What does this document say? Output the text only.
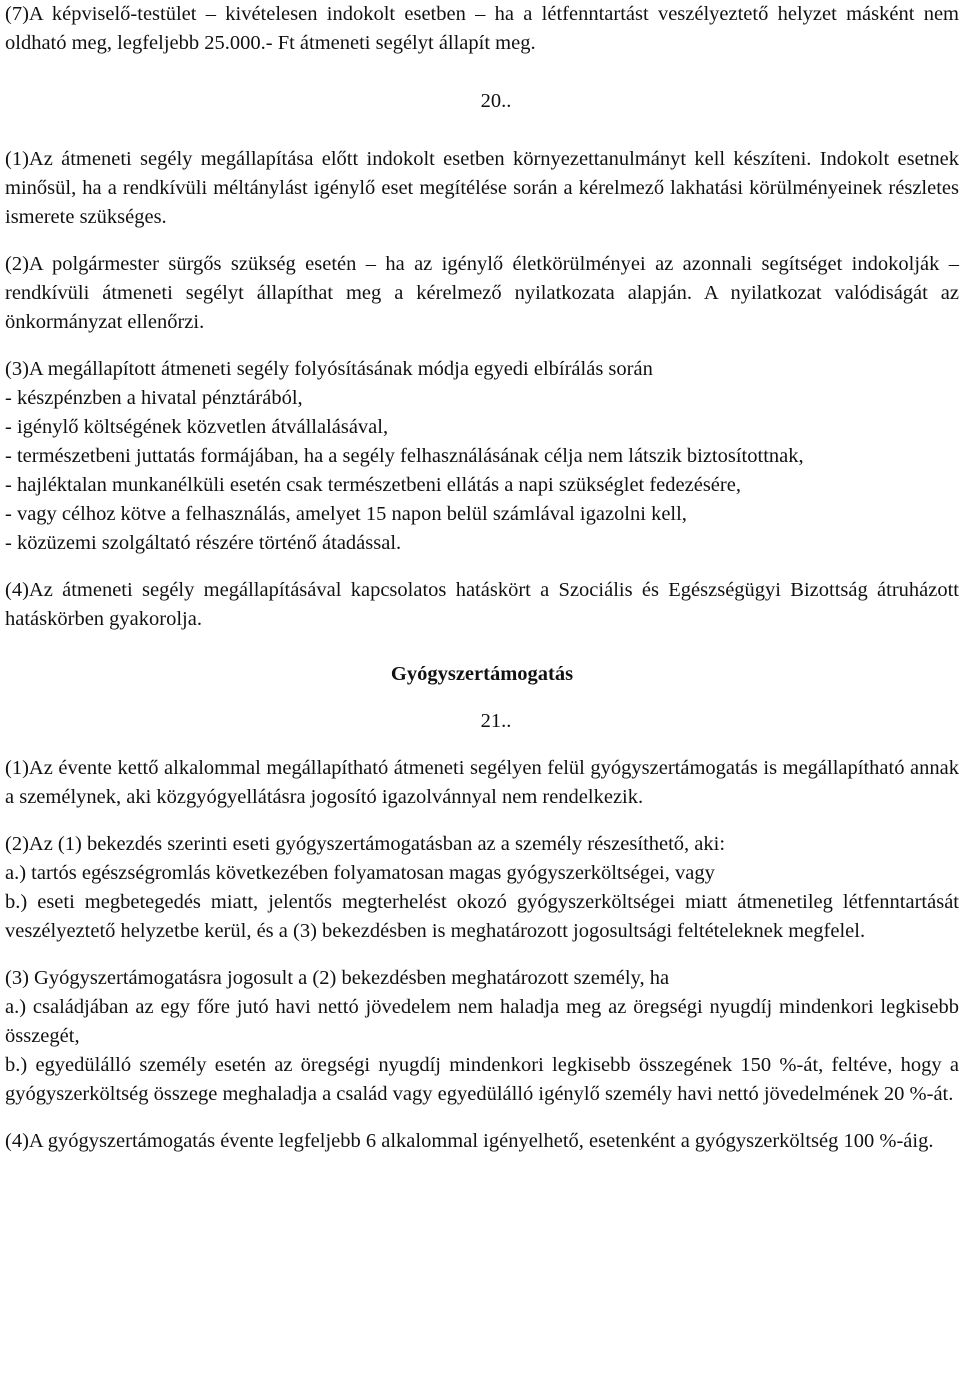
(7)A képviselő-testület – kivételesen indokolt esetben – ha a létfenntartást veszélyeztető helyzet másként nem oldható meg, legfeljebb 25.000.- Ft átmeneti segélyt állapít meg.

20..

(1)Az átmeneti segély megállapítása előtt indokolt esetben környezettanulmányt kell készíteni. Indokolt esetnek minősül, ha a rendkívüli méltánylást igénylő eset megítélése során a kérelmező lakhatási körülményeinek részletes ismerete szükséges.

(2)A polgármester sürgős szükség esetén – ha az igénylő életkörülményei az azonnali segítséget indokolják – rendkívüli átmeneti segélyt állapíthat meg a kérelmező nyilatkozata alapján. A nyilatkozat valódiságát az önkormányzat ellenőrzi.

(3)A megállapított átmeneti segély folyósításának módja egyedi elbírálás során
- készpénzben a hivatal pénztárából,
- igénylő költségének közvetlen átvállalásával,

- természetbeni juttatás formájában, ha a segély felhasználásának célja nem látszik biztosítottnak,

- hajléktalan munkanélküli esetén csak természetbeni ellátás a napi szükséglet fedezésére,
- vagy célhoz kötve a felhasználás, amelyet 15 napon belül számlával igazolni kell,
- közüzemi szolgáltató részére történő átadással.

(4)Az átmeneti segély megállapításával kapcsolatos hatáskört a Szociális és Egészségügyi Bizottság átruházott hatáskörben gyakorolja.

Gyógyszertámogatás

21..

(1)Az évente kettő alkalommal megállapítható átmeneti segélyen felül gyógyszertámogatás is megállapítható annak a személynek, aki közgyógyellátásra jogosító igazolvánnyal nem rendelkezik.

(2)Az (1) bekezdés szerinti eseti gyógyszertámogatásban az a személy részesíthető, aki:
a.) tartós egészségromlás következében folyamatosan magas gyógyszerköltségei, vagy

b.) eseti megbetegedés miatt, jelentős megterhelést okozó gyógyszerköltségei miatt átmenetileg létfenntartását veszélyeztető helyzetbe kerül, és a (3) bekezdésben is meghatározott jogosultsági feltételeknek megfelel.

(3) Gyógyszertámogatásra jogosult a (2) bekezdésben meghatározott személy, ha

a.) családjában az egy főre jutó havi nettó jövedelem nem haladja meg az öregségi nyugdíj mindenkori legkisebb összegét,

b.) egyedülálló személy esetén az öregségi nyugdíj mindenkori legkisebb összegének 150 %-át, feltéve, hogy a gyógyszerköltség összege meghaladja a család vagy egyedülálló igénylő személy havi nettó jövedelmének 20 %-át.

(4)A gyógyszertámogatás évente legfeljebb 6 alkalommal igényelhető, esetenként a gyógyszerköltség 100 %-áig.
